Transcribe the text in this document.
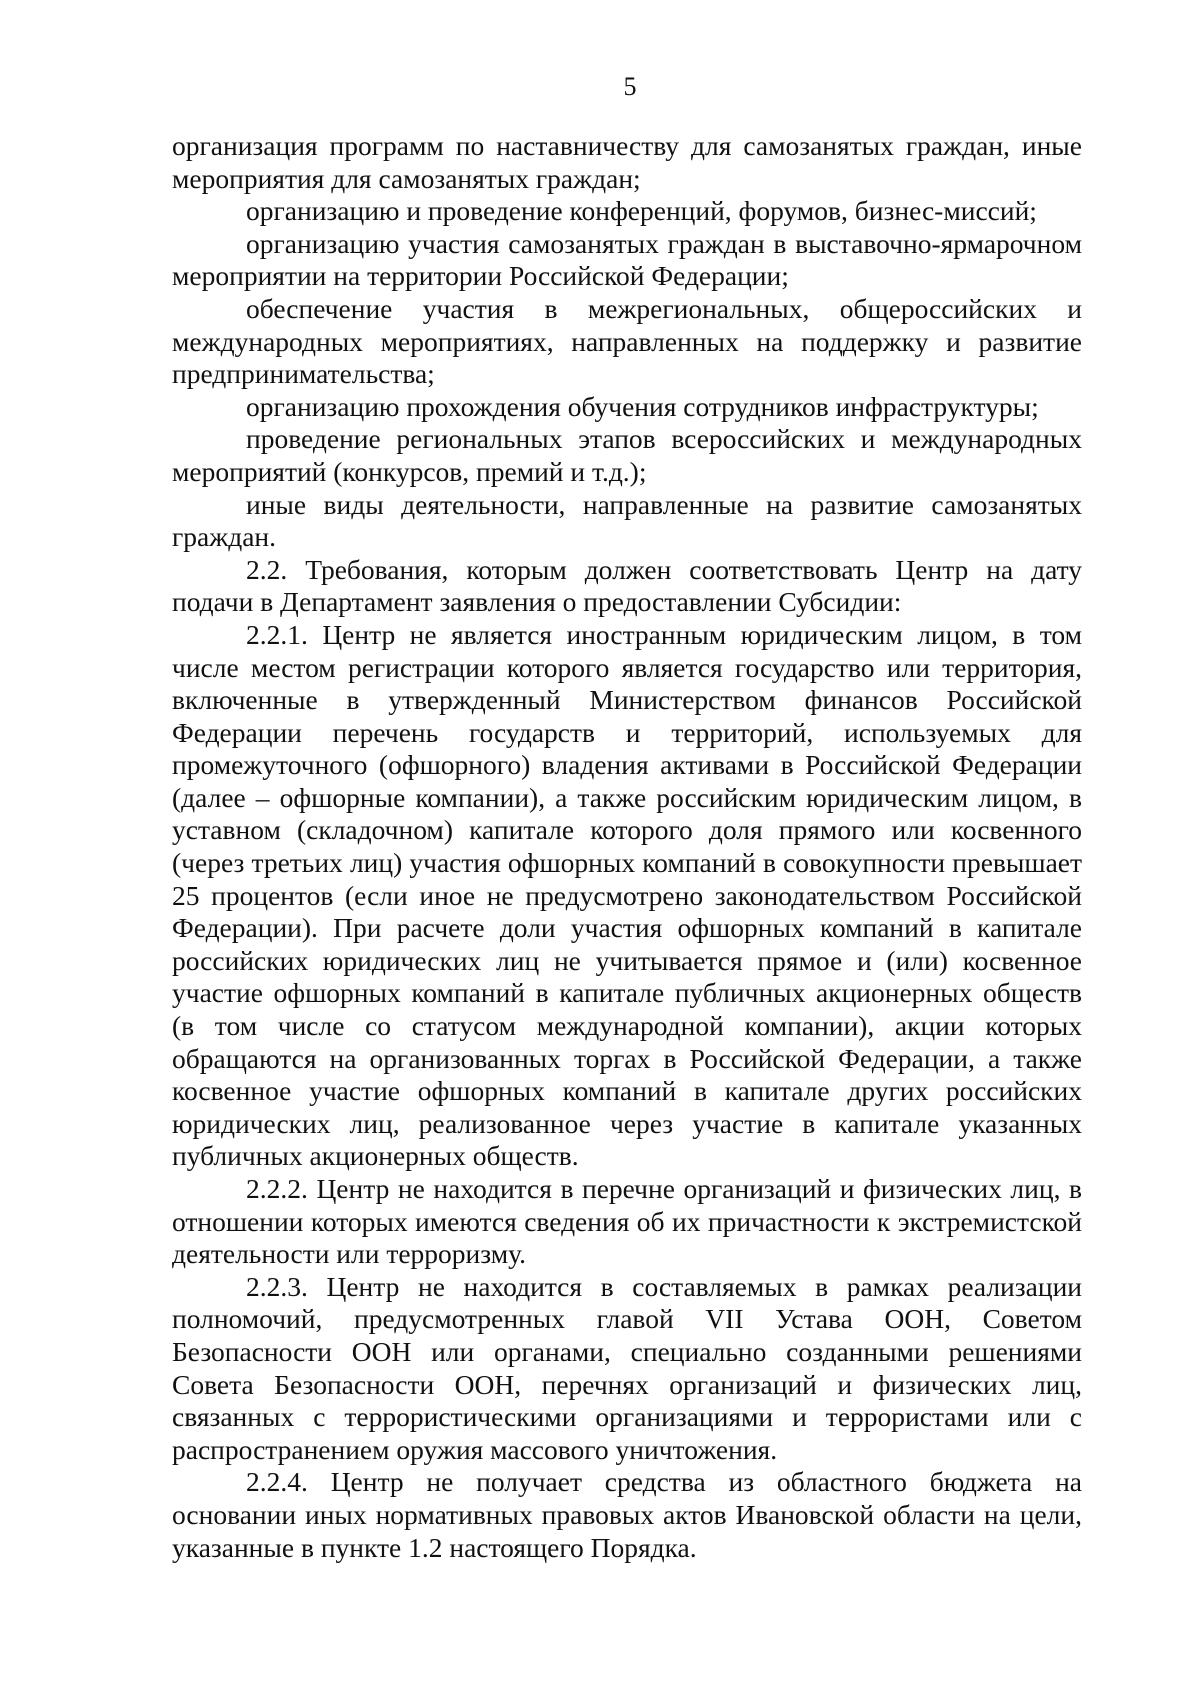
5

организация программ по наставничеству для самозанятых граждан, иные мероприятия для самозанятых граждан;

организацию и проведение конференций, форумов, бизнес-миссий;

организацию участия самозанятых граждан в выставочно-ярмарочном мероприятии на территории Российской Федерации;

обеспечение участия в межрегиональных, общероссийских и международных мероприятиях, направленных на поддержку и развитие предпринимательства;

организацию прохождения обучения сотрудников инфраструктуры;

проведение региональных этапов всероссийских и международных мероприятий (конкурсов, премий и т.д.);

иные виды деятельности, направленные на развитие самозанятых граждан.

2.2. Требования, которым должен соответствовать Центр на дату подачи в Департамент заявления о предоставлении Субсидии:

2.2.1. Центр не является иностранным юридическим лицом, в том числе местом регистрации которого является государство или территория, включенные в утвержденный Министерством финансов Российской Федерации перечень государств и территорий, используемых для промежуточного (офшорного) владения активами в Российской Федерации (далее – офшорные компании), а также российским юридическим лицом, в уставном (складочном) капитале которого доля прямого или косвенного (через третьих лиц) участия офшорных компаний в совокупности превышает 25 процентов (если иное не предусмотрено законодательством Российской Федерации). При расчете доли участия офшорных компаний в капитале российских юридических лиц не учитывается прямое и (или) косвенное участие офшорных компаний в капитале публичных акционерных обществ (в том числе со статусом международной компании), акции которых обращаются на организованных торгах в Российской Федерации, а также косвенное участие офшорных компаний в капитале других российских юридических лиц, реализованное через участие в капитале указанных публичных акционерных обществ.

2.2.2. Центр не находится в перечне организаций и физических лиц, в отношении которых имеются сведения об их причастности к экстремистской деятельности или терроризму.

2.2.3. Центр не находится в составляемых в рамках реализации полномочий, предусмотренных главой VII Устава ООН, Советом Безопасности ООН или органами, специально созданными решениями Совета Безопасности ООН, перечнях организаций и физических лиц, связанных с террористическими организациями и террористами или с распространением оружия массового уничтожения.

2.2.4. Центр не получает средства из областного бюджета на основании иных нормативных правовых актов Ивановской области на цели, указанные в пункте 1.2 настоящего Порядка.
